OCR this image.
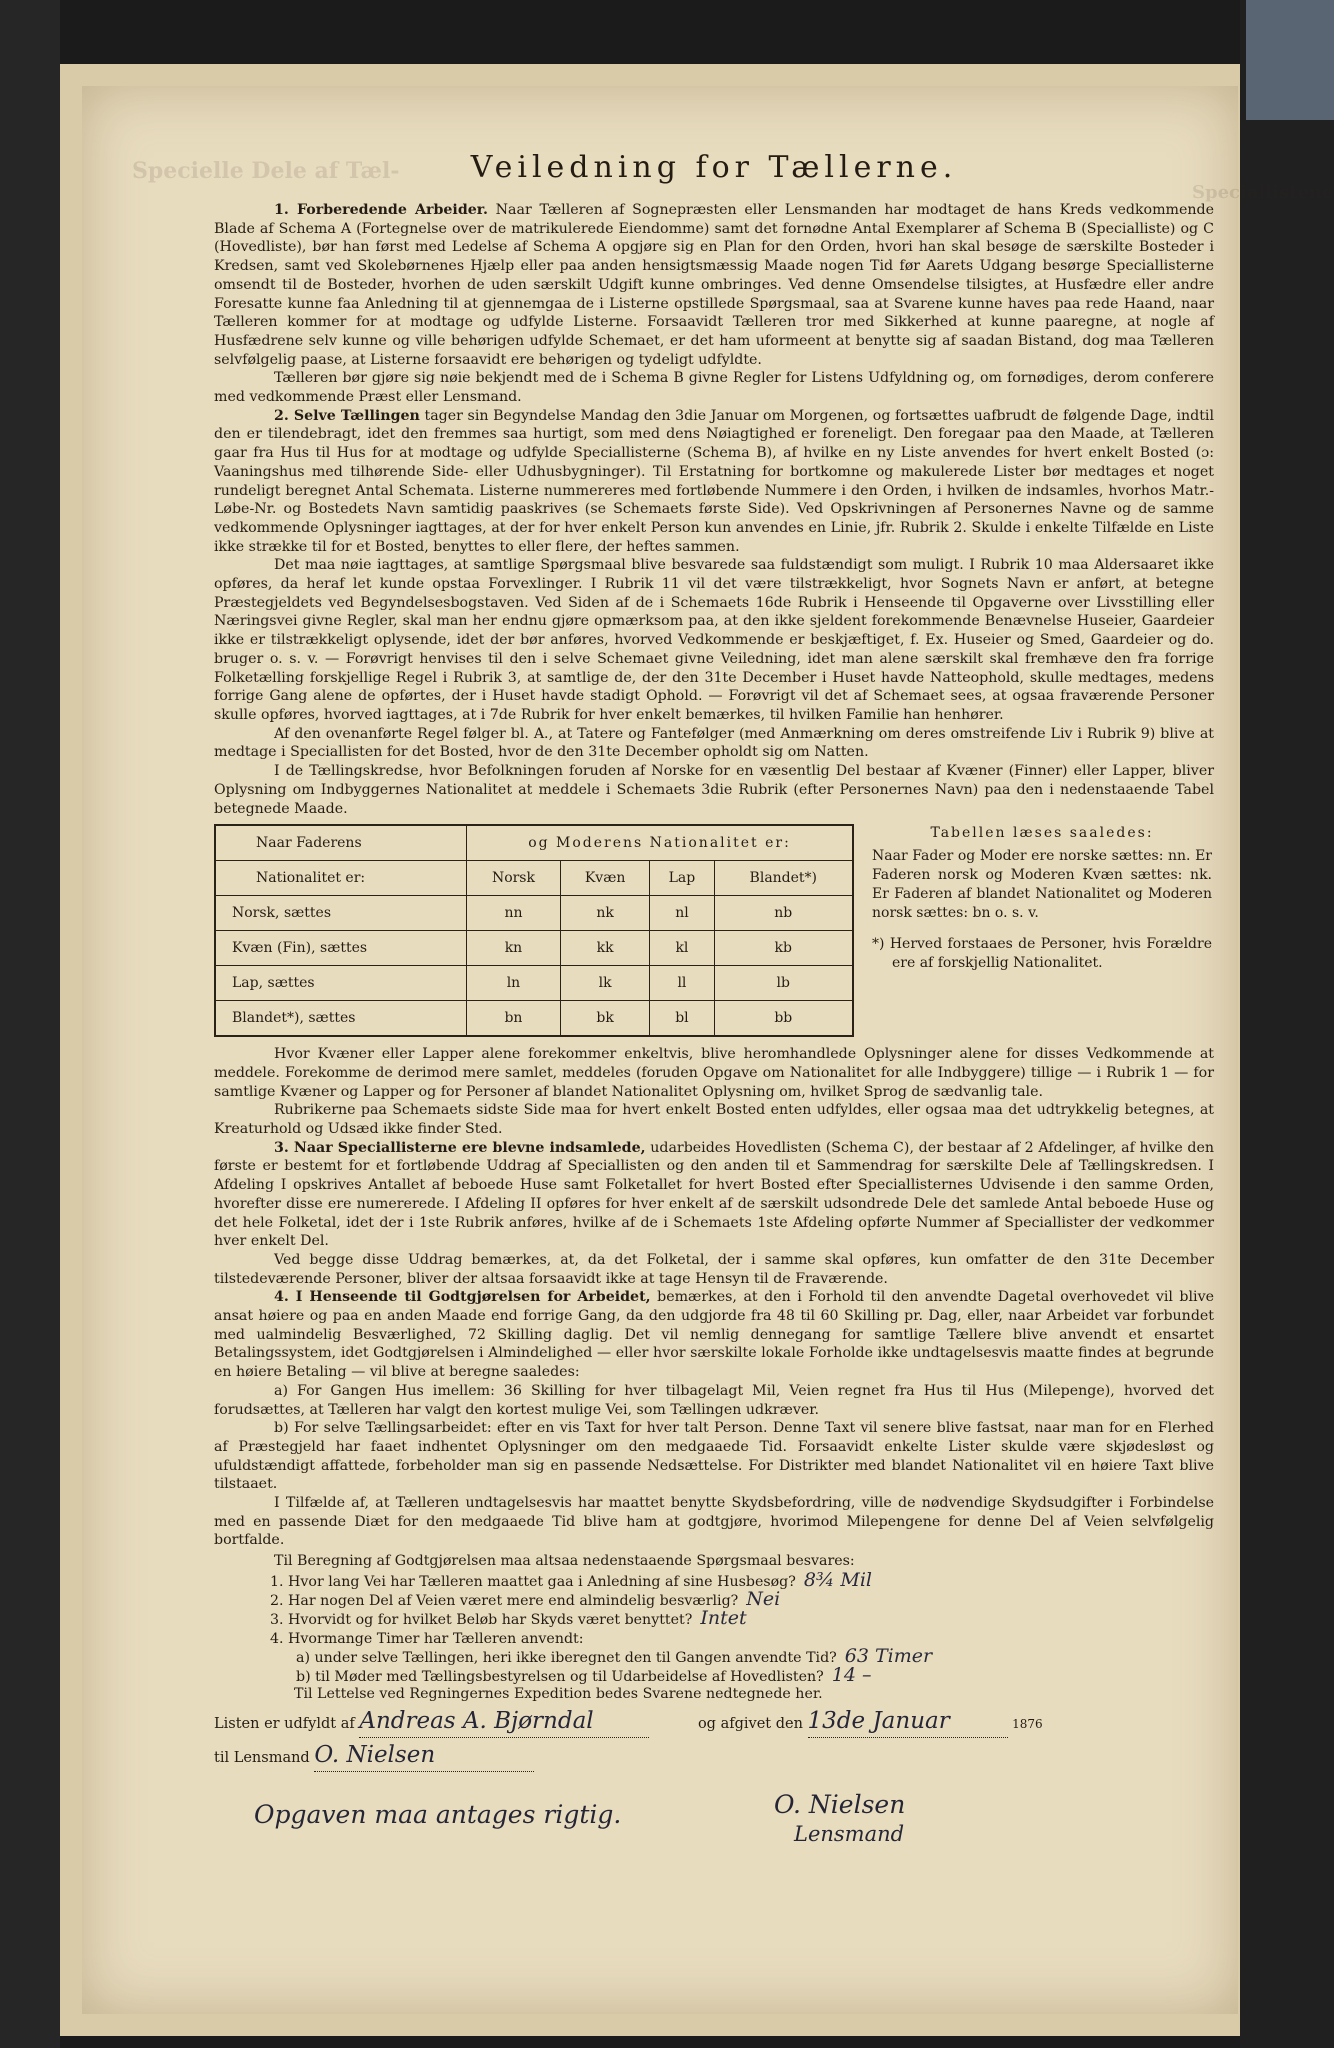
Specielle Dele af Tæl-
Speciallistene
Veiledning for Tællerne.

1. Forberedende Arbeider. Naar Tælleren af Sognepræsten eller Lensmanden har modtaget de hans Kreds vedkommende Blade af Schema A (Fortegnelse over de matrikulerede Eiendomme) samt det fornødne Antal Exemplarer af Schema B (Specialliste) og C (Hovedliste), bør han først med Ledelse af Schema A opgjøre sig en Plan for den Orden, hvori han skal besøge de særskilte Bosteder i Kredsen, samt ved Skolebørnenes Hjælp eller paa anden hensigtsmæssig Maade nogen Tid før Aarets Udgang besørge Speciallisterne omsendt til de Bosteder, hvorhen de uden særskilt Udgift kunne ombringes. Ved denne Omsendelse tilsigtes, at Husfædre eller andre Foresatte kunne faa Anledning til at gjennemgaa de i Listerne opstillede Spørgsmaal, saa at Svarene kunne haves paa rede Haand, naar Tælleren kommer for at modtage og udfylde Listerne. Forsaavidt Tælleren tror med Sikkerhed at kunne paaregne, at nogle af Husfædrene selv kunne og ville behørigen udfylde Schemaet, er det ham uformeent at benytte sig af saadan Bistand, dog maa Tælleren selvfølgelig paase, at Listerne forsaavidt ere behørigen og tydeligt udfyldte.

Tælleren bør gjøre sig nøie bekjendt med de i Schema B givne Regler for Listens Udfyldning og, om fornødiges, derom conferere med vedkommende Præst eller Lensmand.

2. Selve Tællingen tager sin Begyndelse Mandag den 3die Januar om Morgenen, og fortsættes uafbrudt de følgende Dage, indtil den er tilendebragt, idet den fremmes saa hurtigt, som med dens Nøiagtighed er foreneligt. Den foregaar paa den Maade, at Tælleren gaar fra Hus til Hus for at modtage og udfylde Speciallisterne (Schema B), af hvilke en ny Liste anvendes for hvert enkelt Bosted (ɔ: Vaaningshus med tilhørende Side- eller Udhusbygninger). Til Erstatning for bortkomne og makulerede Lister bør medtages et noget rundeligt beregnet Antal Schemata. Listerne nummereres med fortløbende Nummere i den Orden, i hvilken de indsamles, hvorhos Matr.-Løbe-Nr. og Bostedets Navn samtidig paaskrives (se Schemaets første Side). Ved Opskrivningen af Personernes Navne og de samme vedkommende Oplysninger iagttages, at der for hver enkelt Person kun anvendes en Linie, jfr. Rubrik 2. Skulde i enkelte Tilfælde en Liste ikke strække til for et Bosted, benyttes to eller flere, der heftes sammen.

Det maa nøie iagttages, at samtlige Spørgsmaal blive besvarede saa fuldstændigt som muligt. I Rubrik 10 maa Aldersaaret ikke opføres, da heraf let kunde opstaa Forvexlinger. I Rubrik 11 vil det være tilstrækkeligt, hvor Sognets Navn er anført, at betegne Præstegjeldets ved Begyndelsesbogstaven. Ved Siden af de i Schemaets 16de Rubrik i Henseende til Opgaverne over Livsstilling eller Næringsvei givne Regler, skal man her endnu gjøre opmærksom paa, at den ikke sjeldent forekommende Benævnelse Huseier, Gaardeier ikke er tilstrækkeligt oplysende, idet der bør anføres, hvorved Vedkommende er beskjæftiget, f. Ex. Huseier og Smed, Gaardeier og do. bruger o. s. v. — Forøvrigt henvises til den i selve Schemaet givne Veiledning, idet man alene særskilt skal fremhæve den fra forrige Folketælling forskjellige Regel i Rubrik 3, at samtlige de, der den 31te December i Huset havde Natteophold, skulle medtages, medens forrige Gang alene de opførtes, der i Huset havde stadigt Ophold. — Forøvrigt vil det af Schemaet sees, at ogsaa fraværende Personer skulle opføres, hvorved iagttages, at i 7de Rubrik for hver enkelt bemærkes, til hvilken Familie han henhører.

Af den ovenanførte Regel følger bl. A., at Tatere og Fantefølger (med Anmærkning om deres omstreifende Liv i Rubrik 9) blive at medtage i Speciallisten for det Bosted, hvor de den 31te December opholdt sig om Natten.

I de Tællingskredse, hvor Befolkningen foruden af Norske for en væsentlig Del bestaar af Kvæner (Finner) eller Lapper, bliver Oplysning om Indbyggernes Nationalitet at meddele i Schemaets 3die Rubrik (efter Personernes Navn) paa den i nedenstaaende Tabel betegnede Maade.

Naar Faderens	og Moderens Nationalitet er:			
Nationalitet er:	Norsk	Kvæn	Lap	Blandet*)
Norsk, sættes	nn	nk	nl	nb
Kvæn (Fin), sættes	kn	kk	kl	kb
Lap, sættes	ln	lk	ll	lb
Blandet*), sættes	bn	bk	bl	bb
Tabellen læses saaledes:
Naar Fader og Moder ere norske sættes: nn. Er Faderen norsk og Moderen Kvæn sættes: nk. Er Faderen af blandet Nationalitet og Moderen norsk sættes: bn o. s. v.
*) Herved forstaaes de Personer, hvis Forældre ere af forskjellig Nationalitet.

Hvor Kvæner eller Lapper alene forekommer enkeltvis, blive heromhandlede Oplysninger alene for disses Vedkommende at meddele. Forekomme de derimod mere samlet, meddeles (foruden Opgave om Nationalitet for alle Indbyggere) tillige — i Rubrik 1 — for samtlige Kvæner og Lapper og for Personer af blandet Nationalitet Oplysning om, hvilket Sprog de sædvanlig tale.

Rubrikerne paa Schemaets sidste Side maa for hvert enkelt Bosted enten udfyldes, eller ogsaa maa det udtrykkelig betegnes, at Kreaturhold og Udsæd ikke finder Sted.

3. Naar Speciallisterne ere blevne indsamlede, udarbeides Hovedlisten (Schema C), der bestaar af 2 Afdelinger, af hvilke den første er bestemt for et fortløbende Uddrag af Speciallisten og den anden til et Sammendrag for særskilte Dele af Tællingskredsen. I Afdeling I opskrives Antallet af beboede Huse samt Folketallet for hvert Bosted efter Speciallisternes Udvisende i den samme Orden, hvorefter disse ere numererede. I Afdeling II opføres for hver enkelt af de særskilt udsondrede Dele det samlede Antal beboede Huse og det hele Folketal, idet der i 1ste Rubrik anføres, hvilke af de i Schemaets 1ste Afdeling opførte Nummer af Speciallister der vedkommer hver enkelt Del.

Ved begge disse Uddrag bemærkes, at, da det Folketal, der i samme skal opføres, kun omfatter de den 31te December tilstedeværende Personer, bliver der altsaa forsaavidt ikke at tage Hensyn til de Fraværende.

4. I Henseende til Godtgjørelsen for Arbeidet, bemærkes, at den i Forhold til den anvendte Dagetal overhovedet vil blive ansat høiere og paa en anden Maade end forrige Gang, da den udgjorde fra 48 til 60 Skilling pr. Dag, eller, naar Arbeidet var forbundet med ualmindelig Besværlighed, 72 Skilling daglig. Det vil nemlig dennegang for samtlige Tællere blive anvendt et ensartet Betalingssystem, idet Godtgjørelsen i Almindelighed — eller hvor særskilte lokale Forholde ikke undtagelsesvis maatte findes at begrunde en høiere Betaling — vil blive at beregne saaledes:

a) For Gangen Hus imellem: 36 Skilling for hver tilbagelagt Mil, Veien regnet fra Hus til Hus (Milepenge), hvorved det forudsættes, at Tælleren har valgt den kortest mulige Vei, som Tællingen udkræver.

b) For selve Tællingsarbeidet: efter en vis Taxt for hver talt Person. Denne Taxt vil senere blive fastsat, naar man for en Flerhed af Præstegjeld har faaet indhentet Oplysninger om den medgaaede Tid. Forsaavidt enkelte Lister skulde være skjødesløst og ufuldstændigt affattede, forbeholder man sig en passende Nedsættelse. For Distrikter med blandet Nationalitet vil en høiere Taxt blive tilstaaet.

I Tilfælde af, at Tælleren undtagelsesvis har maattet benytte Skydsbefordring, ville de nødvendige Skydsudgifter i Forbindelse med en passende Diæt for den medgaaede Tid blive ham at godtgjøre, hvorimod Milepengene for denne Del af Veien selvfølgelig bortfalde.

Til Beregning af Godtgjørelsen maa altsaa nedenstaaende Spørgsmaal besvares:

1. Hvor lang Vei har Tælleren maattet gaa i Anledning af sine Husbesøg? 8¾ Mil
2. Har nogen Del af Veien været mere end almindelig besværlig? Nei
3. Hvorvidt og for hvilket Beløb har Skyds været benyttet? Intet
4. Hvormange Timer har Tælleren anvendt:
a) under selve Tællingen, heri ikke iberegnet den til Gangen anvendte Tid? 63 Timer
b) til Møder med Tællingsbestyrelsen og til Udarbeidelse af Hovedlisten? 14 –

Til Lettelse ved Regningernes Expedition bedes Svarene nedtegnede her.

Listen er udfyldt af Andreas A. Bjørndal	og afgivet den 13de Januar	1876
til Lensmand O. Nielsen
Opgaven maa antages rigtig.	O. Nielsen
Lensmand
